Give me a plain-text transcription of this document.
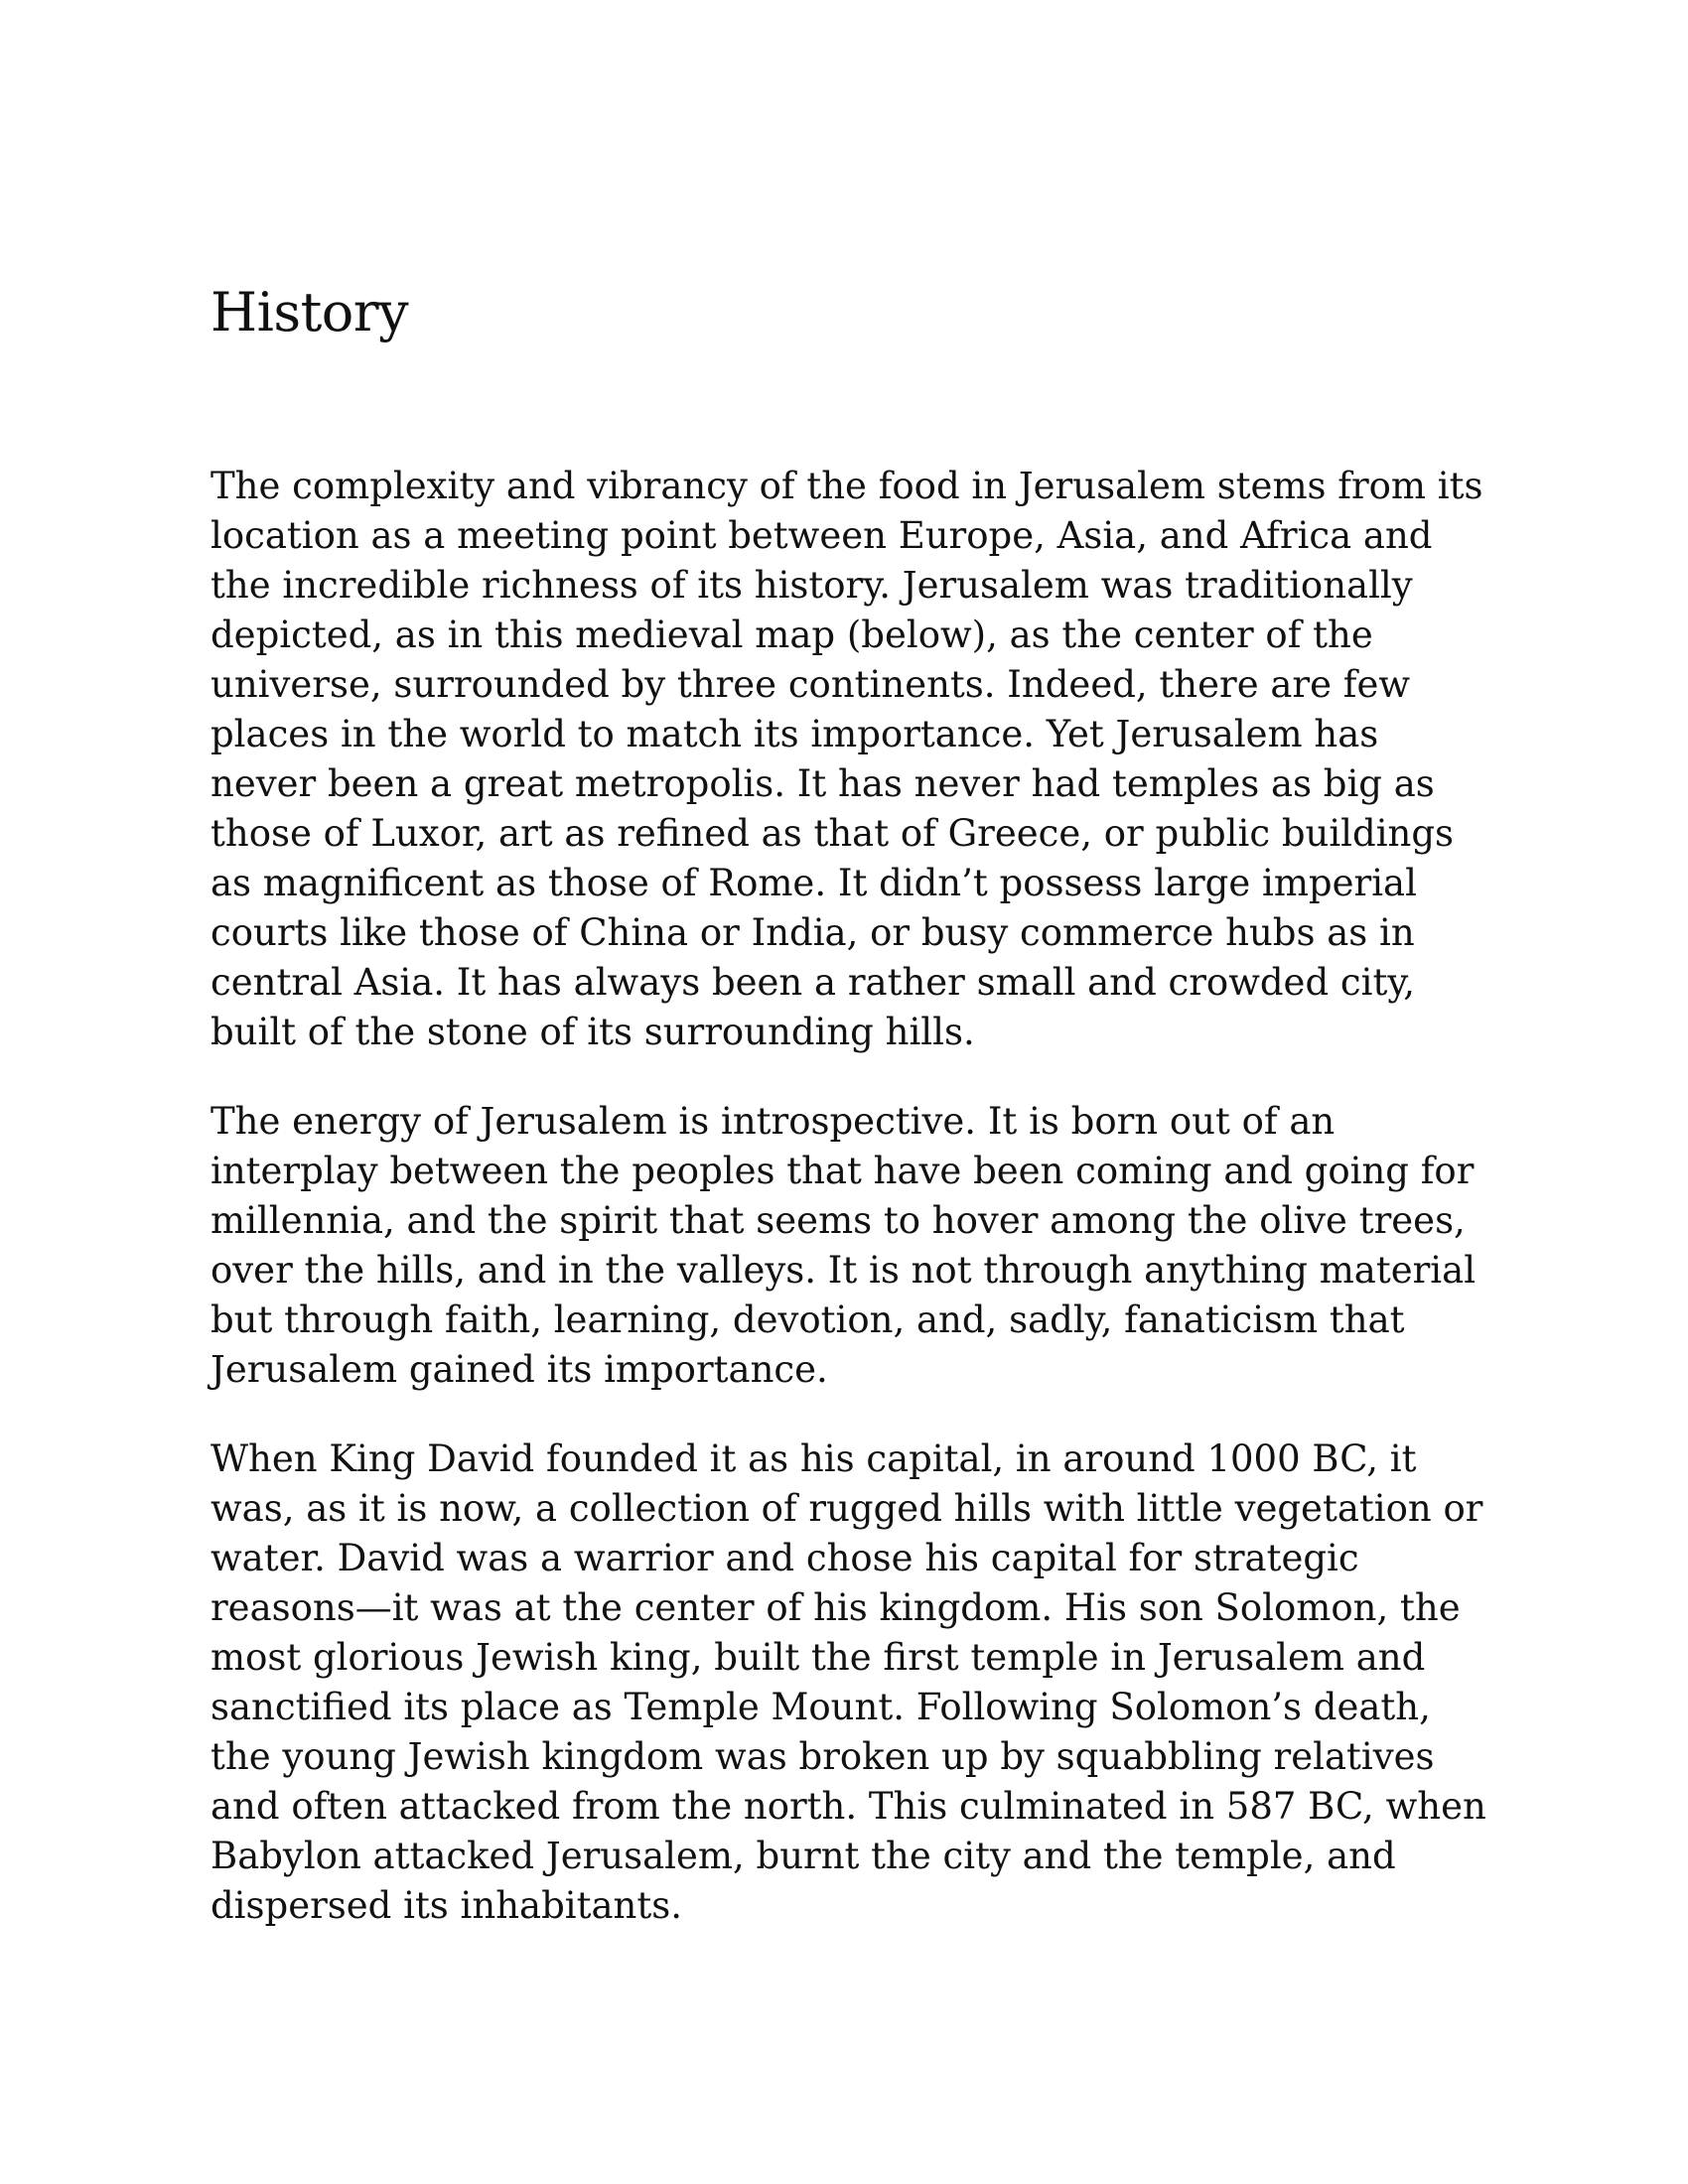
History

The complexity and vibrancy of the food in Jerusalem stems from its
location as a meeting point between Europe, Asia, and Africa and
the incredible richness of its history. Jerusalem was traditionally
depicted, as in this medieval map (below), as the center of the
universe, surrounded by three continents. Indeed, there are few
places in the world to match its importance. Yet Jerusalem has
never been a great metropolis. It has never had temples as big as
those of Luxor, art as refined as that of Greece, or public buildings
as magnificent as those of Rome. It didn’t possess large imperial
courts like those of China or India, or busy commerce hubs as in
central Asia. It has always been a rather small and crowded city,
built of the stone of its surrounding hills.

The energy of Jerusalem is introspective. It is born out of an
interplay between the peoples that have been coming and going for
millennia, and the spirit that seems to hover among the olive trees,
over the hills, and in the valleys. It is not through anything material
but through faith, learning, devotion, and, sadly, fanaticism that
Jerusalem gained its importance.

When King David founded it as his capital, in around 1000 BC, it
was, as it is now, a collection of rugged hills with little vegetation or
water. David was a warrior and chose his capital for strategic
reasons—it was at the center of his kingdom. His son Solomon, the
most glorious Jewish king, built the first temple in Jerusalem and
sanctified its place as Temple Mount. Following Solomon’s death,
the young Jewish kingdom was broken up by squabbling relatives
and often attacked from the north. This culminated in 587 BC, when
Babylon attacked Jerusalem, burnt the city and the temple, and
dispersed its inhabitants.
